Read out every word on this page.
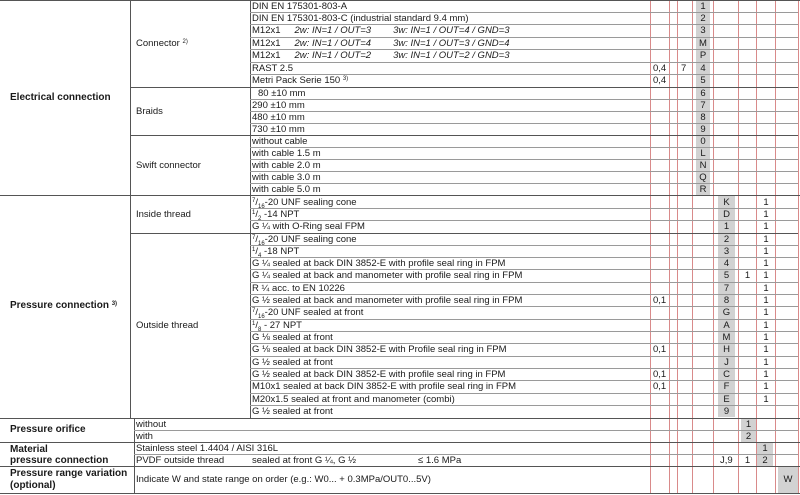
Electrical connection
Pressure connection $^{3)}$
Pressure orifice
Material
pressure connection
Pressure range variation
(optional)
Connector $^{2)}$
Braids
Swift connector
Inside thread
Outside thread
DIN EN 175301-803-A
DIN EN 175301-803-C (industrial standard 9.4 mm)
M12x1 2w: IN=1 / OUT=3 3w: IN=1 / OUT=4 / GND=3
M12x1 2w: IN=1 / OUT=4 3w: IN=1 / OUT=3 / GND=4
M12x1 2w: IN=1 / OUT=2 3w: IN=1 / OUT=2 / GND=3
RAST 2.5
Metri Pack Serie 150 $^{3)}$
80 ±10 mm
290 ±10 mm
480 ±10 mm
730 ±10 mm
without cable
with cable 1.5 m
with cable 2.0 m
with cable 3.0 m
with cable 5.0 m
$^7/_{16}-20$ UNF sealing cone
$^1/_2$ -14 NPT
G ¼ with O-Ring seal FPM
$^7/_{16}-20$ UNF sealing cone
$^1/_4$ -18 NPT
G ¼ sealed at back DIN 3852-E with profile seal ring in FPM
G ¼ sealed at back and manometer with profile seal ring in FPM
R ¼ acc. to EN 10226
G ½ sealed at back and manometer with profile seal ring in FPM
$^7/_{16}-20$ UNF sealed at front
$^1/_8 - 27$ NPT
G ⅛ sealed at front
G ⅛ sealed at back DIN 3852-E with Profile seal ring in FPM
G ½ sealed at front
G ½ sealed at back DIN 3852-E with profile seal ring in FPM
M10x1 sealed at back DIN 3852-E with profile seal ring in FPM
M20x1.5 sealed at front and manometer (combi)
G ½ sealed at front
without
with
Stainless steel 1.4404 / AISI 316L
PVDF outside thread	sealed at front G ¼, G ½	≤ 1.6 MPa
Indicate W and state range on order (e.g.: W0... + 0.3MPa/OUT0...5V)
0,4 7
0,4
0,1
0,1
0,1
0,1
J,9
1
2
3
M
P
4
5
6
7
8
9
0
L
N
Q
R
K
D
1
2
3
4
5
7
8
G
A
M
H
J
C
F
E
9
1
1
1
2
1
1
1
1
1
1
1
1
1
1
1
1
1
1
1
1
1
1
2
W
